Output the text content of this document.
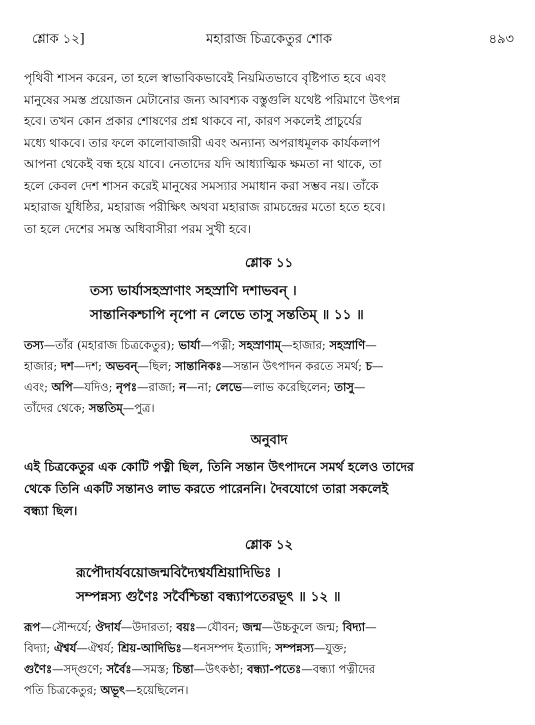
শ্লোক ১২]	মহারাজ চিত্রকেতুর শোক	৪৯৩
পৃথিবী শাসন করেন, তা হলে স্বাভাবিকভাবেই নিয়মিতভাবে বৃষ্টিপাত হবে এবং
মানুষের সমস্ত প্রয়োজন মেটানোর জন্য আবশ্যক বস্তুগুলি যথেষ্ট পরিমাণে উৎপন্ন
হবে। তখন কোন প্রকার শোষণের প্রশ্ন থাকবে না, কারণ সকলেই প্রাচুর্যের
মধ্যে থাকবে। তার ফলে কালোবাজারী এবং অন্যান্য অপরাধমূলক কার্যকলাপ
আপনা থেকেই বন্ধ হয়ে যাবে। নেতাদের যদি আধ্যাত্মিক ক্ষমতা না থাকে, তা
হলে কেবল দেশ শাসন করেই মানুষের সমস্যার সমাধান করা সম্ভব নয়। তাঁকে
মহারাজ যুধিষ্ঠির, মহারাজ পরীক্ষিৎ অথবা মহারাজ রামচন্দ্রের মতো হতে হবে।
তা হলে দেশের সমস্ত অধিবাসীরা পরম সুখী হবে।
শ্লোক ১১
তস্য ভার্যাসহস্রাণাং সহস্রাণি দশাভবন্ ।
সান্তানিকশ্চাপি নৃপো ন লেভে তাসু সন্ততিম্ ॥ ১১ ॥
তস্য—তাঁর (মহারাজ চিত্রকেতুর); ভার্যা—পত্নী; সহস্রাণাম্—হাজার; সহস্রাণি—
হাজার; দশ—দশ; অভবন্—ছিল; সান্তানিকঃ—সন্তান উৎপাদন করতে সমর্থ; চ—
এবং; অপি—যদিও; নৃপঃ—রাজা; ন—না; লেভে—লাভ করেছিলেন; তাসু—
তাঁদের থেকে; সন্ততিম্—পুত্র।
অনুবাদ
এই চিত্রকেতুর এক কোটি পত্নী ছিল, তিনি সন্তান উৎপাদনে সমর্থ হলেও তাদের
থেকে তিনি একটি সন্তানও লাভ করতে পারেননি। দৈবযোগে তারা সকলেই
বন্ধ্যা ছিল।
শ্লোক ১২
রূপৌদার্যবয়োজন্মবিদ্যৈশ্বর্যশ্রিয়াদিভিঃ ।
সম্পন্নস্য গুণৈঃ সর্বৈশ্চিন্তা বন্ধ্যাপতেরভূৎ ॥ ১২ ॥
রূপ—সৌন্দর্যে; ঔদার্য—উদারতা; বয়ঃ—যৌবন; জন্ম—উচ্চকুলে জন্ম; বিদ্যা—
বিদ্যা; ঐশ্বর্য—ঐশ্বর্য; শ্রিয়-আদিভিঃ—ধনসম্পদ ইত্যাদি; সম্পন্নস্য—যুক্ত;
গুণৈঃ—সদ্‌গুণে; সর্বৈঃ—সমস্ত; চিন্তা—উৎকণ্ঠা; বন্ধ্যা-পতেঃ—বন্ধ্যা পত্নীদের
পতি চিত্রকেতুর; অভূৎ—হয়েছিলেন।
